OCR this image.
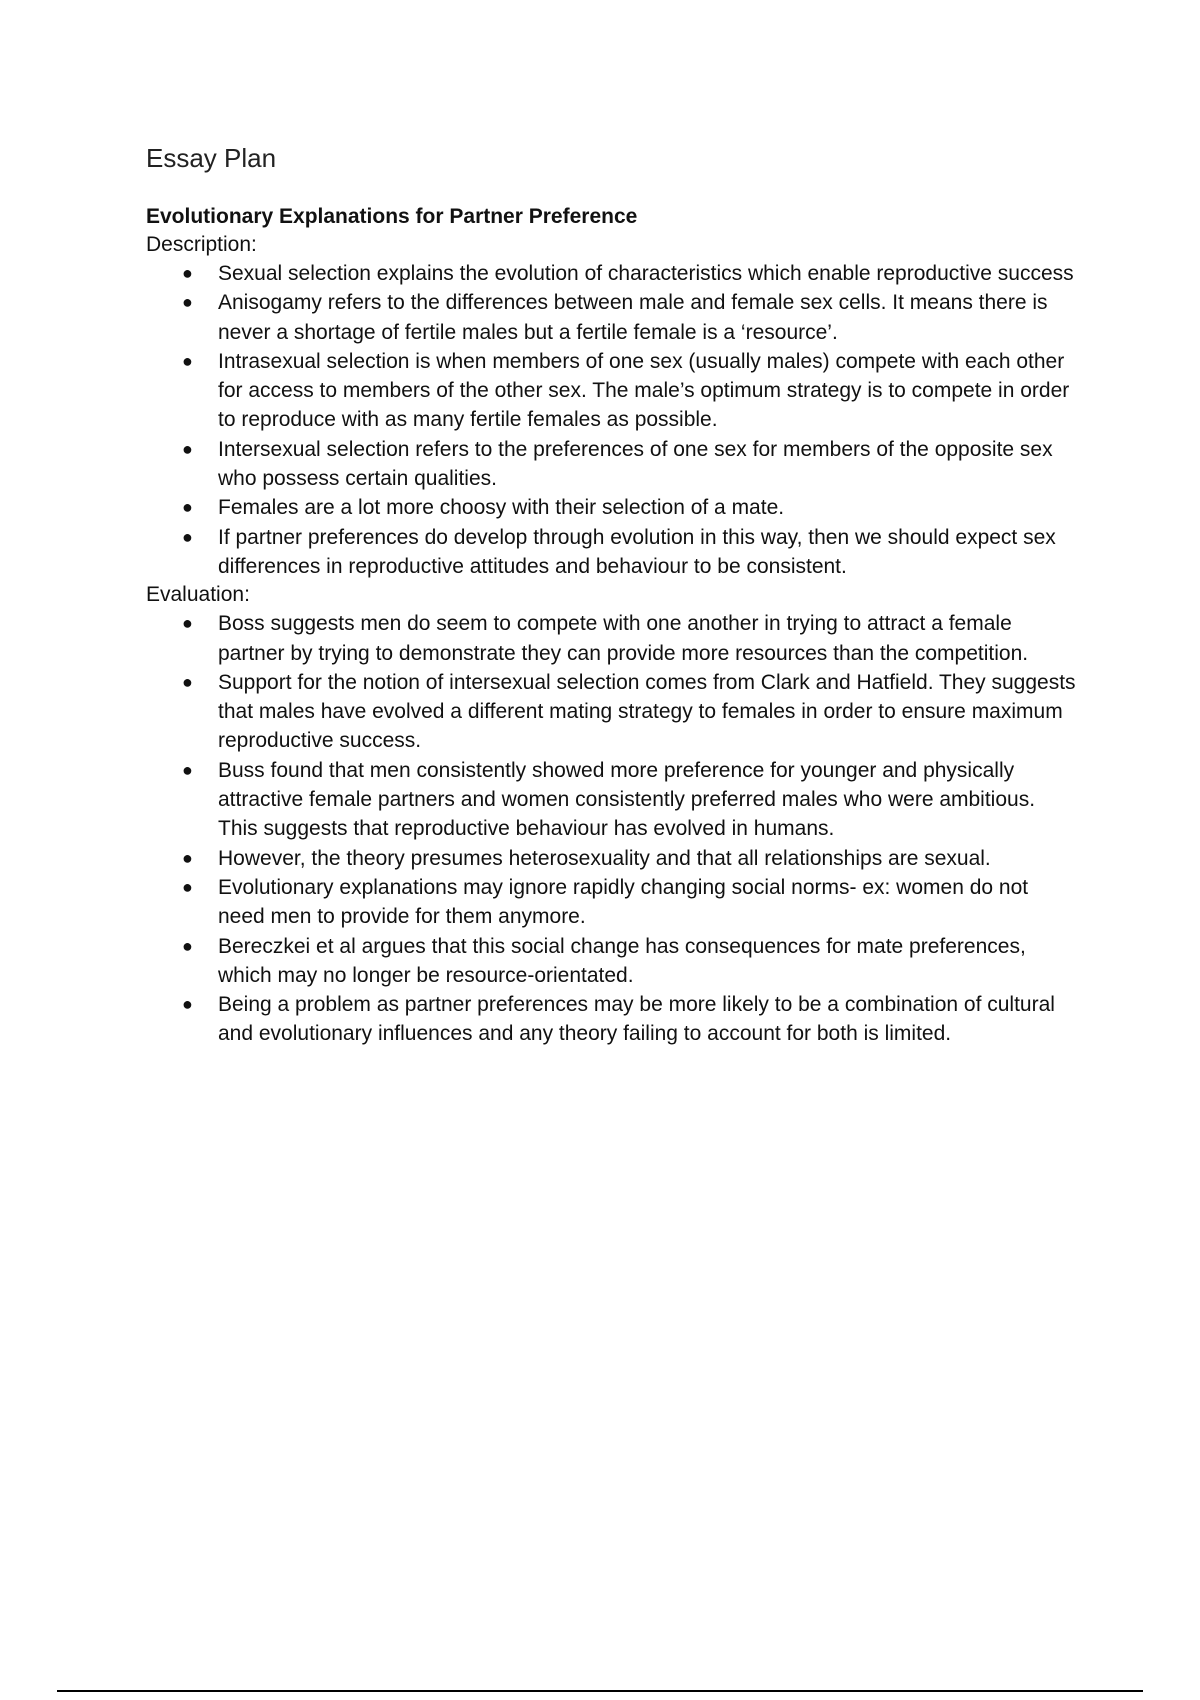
Essay Plan

Evolutionary Explanations for Partner Preference

Description:

● Sexual selection explains the evolution of characteristics which enable reproductive success
● Anisogamy refers to the differences between male and female sex cells. It means there is never a shortage of fertile males but a fertile female is a ‘resource’.
● Intrasexual selection is when members of one sex (usually males) compete with each other for access to members of the other sex. The male’s optimum strategy is to compete in order to reproduce with as many fertile females as possible.
● Intersexual selection refers to the preferences of one sex for members of the opposite sex who possess certain qualities.
● Females are a lot more choosy with their selection of a mate.
● If partner preferences do develop through evolution in this way, then we should expect sex differences in reproductive attitudes and behaviour to be consistent.

Evaluation:

● Boss suggests men do seem to compete with one another in trying to attract a female partner by trying to demonstrate they can provide more resources than the competition.
● Support for the notion of intersexual selection comes from Clark and Hatfield. They suggests that males have evolved a different mating strategy to females in order to ensure maximum reproductive success.
● Buss found that men consistently showed more preference for younger and physically attractive female partners and women consistently preferred males who were ambitious. This suggests that reproductive behaviour has evolved in humans.
● However, the theory presumes heterosexuality and that all relationships are sexual.
● Evolutionary explanations may ignore rapidly changing social norms- ex: women do not need men to provide for them anymore.
● Bereczkei et al argues that this social change has consequences for mate preferences, which may no longer be resource-orientated.
● Being a problem as partner preferences may be more likely to be a combination of cultural and evolutionary influences and any theory failing to account for both is limited.
